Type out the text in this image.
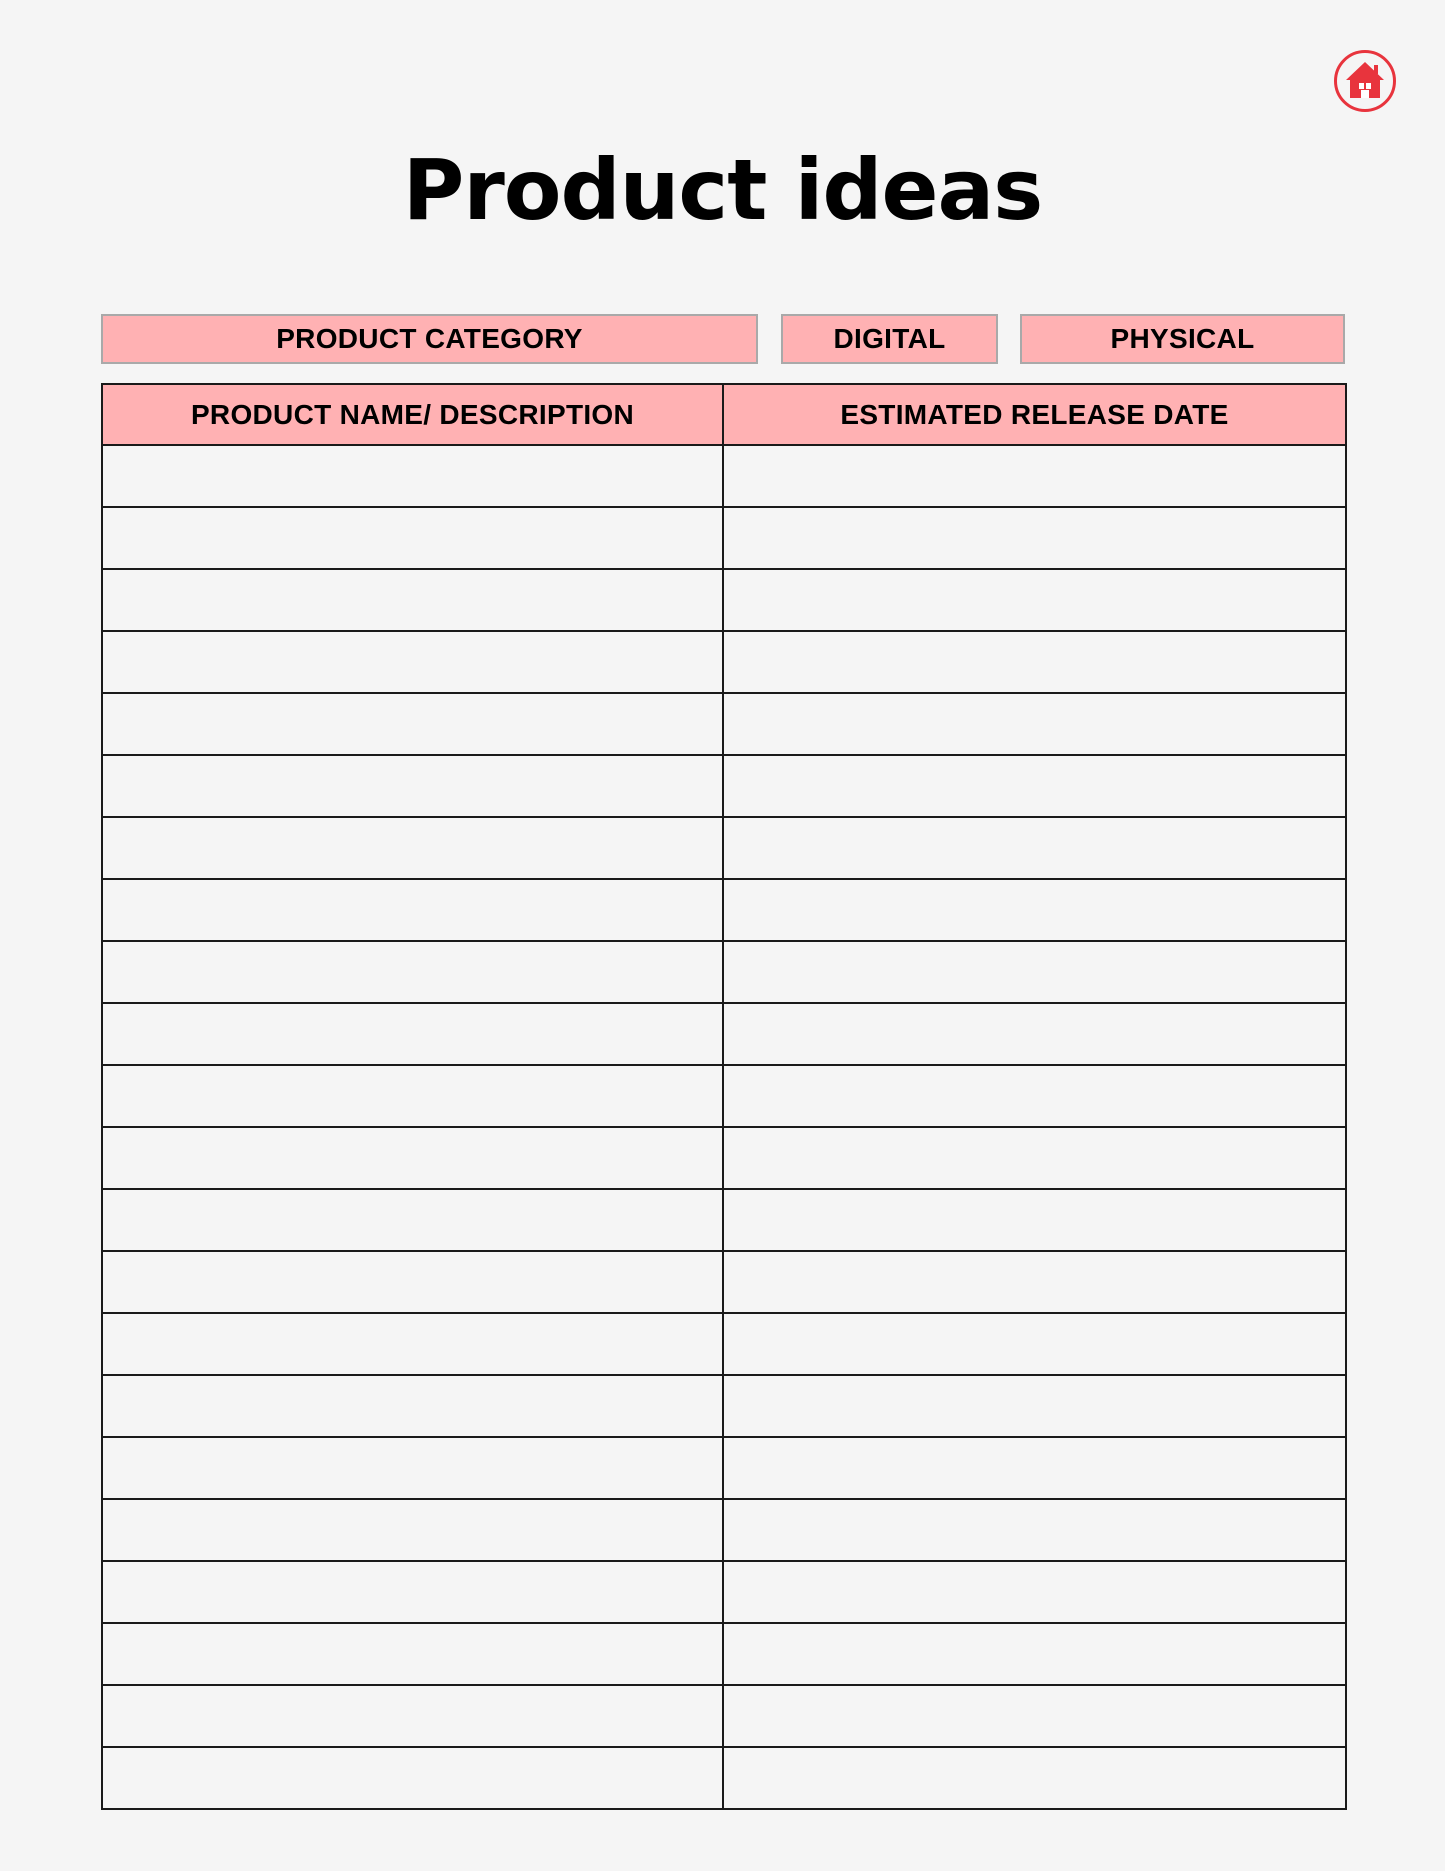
Product ideas
PRODUCT CATEGORY	DIGITAL	PHYSICAL
PRODUCT NAME/ DESCRIPTION	ESTIMATED RELEASE DATE
